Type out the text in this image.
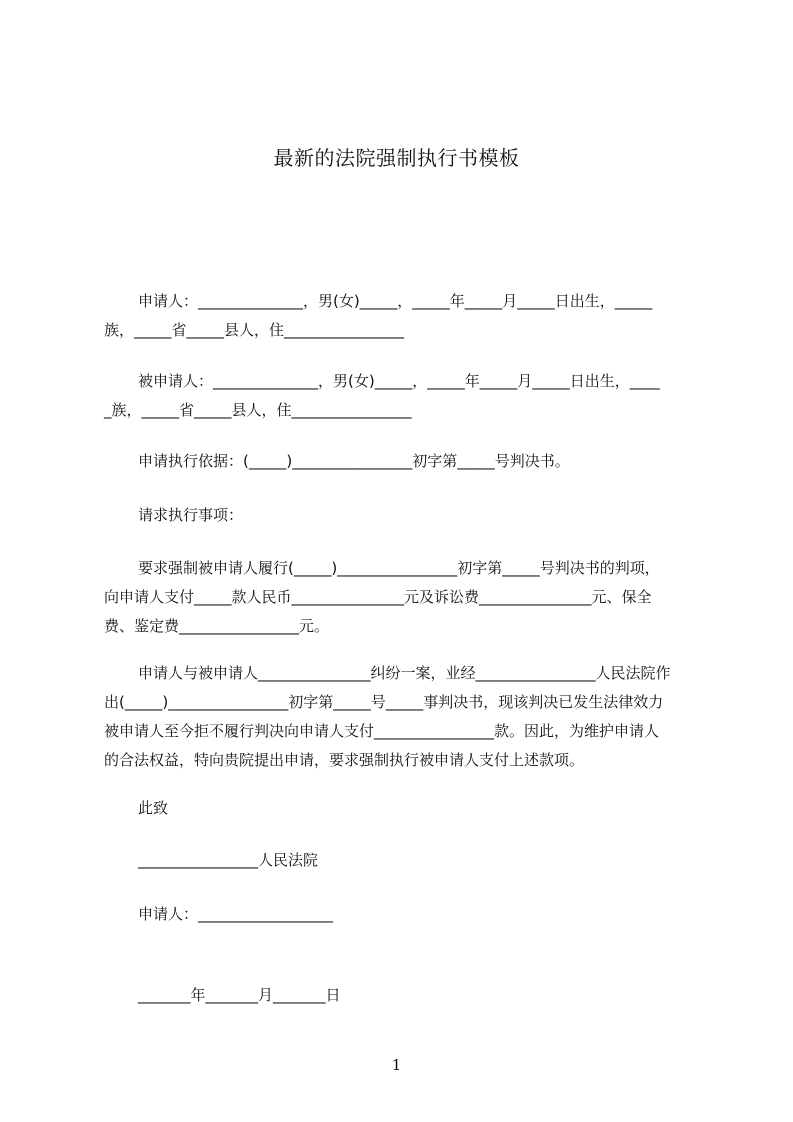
最新的法院强制执行书模板
申请人：______________，男(女)_____，_____年_____月_____日出生，_____
族，_____省_____县人，住________________
被申请人：______________，男(女)_____，_____年_____月_____日出生，____
_族，_____省_____县人，住________________
申请执行依据：(_____)________________初字第_____号判决书。
请求执行事项：
要求强制被申请人履行(_____)________________初字第_____号判决书的判项，
向申请人支付_____款人民币_______________元及诉讼费_______________元、保全
费、鉴定费________________元。
申请人与被申请人_______________纠纷一案，业经________________人民法院作
出(_____)________________初字第_____号_____事判决书，现该判决已发生法律效力
被申请人至今拒不履行判决向申请人支付________________款。因此，为维护申请人
的合法权益，特向贵院提出申请，要求强制执行被申请人支付上述款项。
此致
________________人民法院
申请人：__________________
_______年_______月_______日
1
